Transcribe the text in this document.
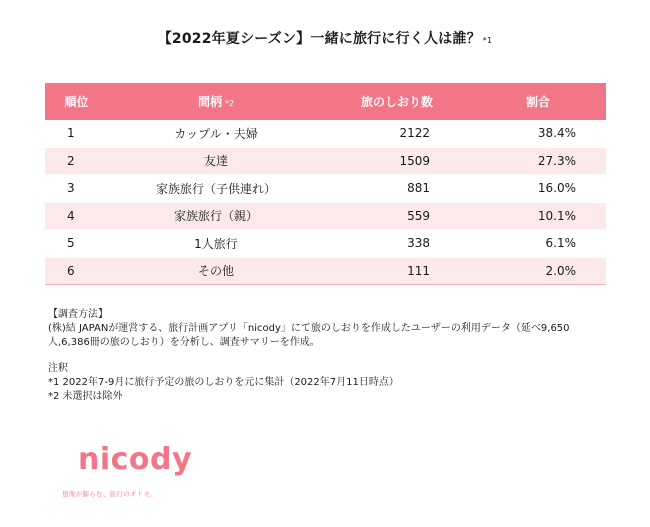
【2022年夏シーズン】一緒に旅行に行く人は誰？ *1
順位	間柄 *2	旅のしおり数	割合
1	カップル・夫婦	2122	38.4%
2	友達	1509	27.3%
3	家族旅行（子供連れ）	881	16.0%
4	家族旅行（親）	559	10.1%
5	1人旅行	338	6.1%
6	その他	111	2.0%

【調査方法】

(株)結 JAPANが運営する、旅行計画アプリ「nicody」にて旅のしおりを作成したユーザーの利用データ（延べ9,650

人,6,386冊の旅のしおり）を分析し、調査サマリーを作成。

注釈

*1 2022年7-9月に旅行予定の旅のしおりを元に集計（2022年7月11日時点）

*2 未選択は除外

nicody
想像が膨らむ、旅行のオトモ。
